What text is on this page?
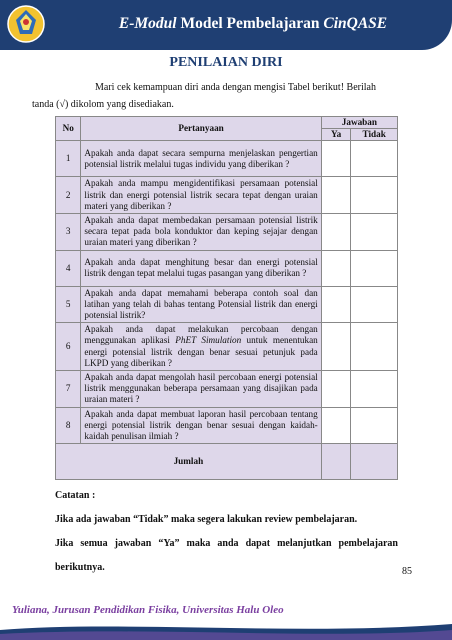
E-Modul Model Pembelajaran CinQASE
PENILAIAN DIRI
Mari cek kemampuan diri anda dengan mengisi Tabel berikut! Berilah
tanda (√) dikolom yang disediakan.
No	Pertanyaan	Jawaban	
		Ya	Tidak
1	Apakah anda dapat secara sempurna menjelaskan pengertian potensial listrik melalui tugas individu yang diberikan ?		
2	Apakah anda mampu mengidentifikasi persamaan potensial listrik dan energi potensial listrik secara tepat dengan uraian materi yang diberikan ?		
3	Apakah anda dapat membedakan persamaan potensial listrik secara tepat pada bola konduktor dan keping sejajar dengan uraian materi yang diberikan ?		
4	Apakah anda dapat menghitung besar dan energi potensial listrik dengan tepat melalui tugas pasangan yang diberikan ?		
5	Apakah anda dapat memahami beberapa contoh soal dan latihan yang telah di bahas tentang Potensial listrik dan energi potensial listrik?		
6	Apakah anda dapat melakukan percobaan dengan menggunakan aplikasi PhET Simulation untuk menentukan energi potensial listrik dengan benar sesuai petunjuk pada LKPD yang diberikan ?		
7	Apakah anda dapat mengolah hasil percobaan energi potensial listrik menggunakan beberapa persamaan yang disajikan pada uraian materi ?		
8	Apakah anda dapat membuat laporan hasil percobaan tentang energi potensial listrik dengan benar sesuai dengan kaidah-kaidah penulisan ilmiah ?		
Jumlah			
Catatan :
Jika ada jawaban “Tidak” maka segera lakukan review pembelajaran.
Jika semua jawaban “Ya” maka anda dapat melanjutkan pembelajaran berikutnya.	85
Yuliana, Jurusan Pendidikan Fisika, Universitas Halu Oleo
